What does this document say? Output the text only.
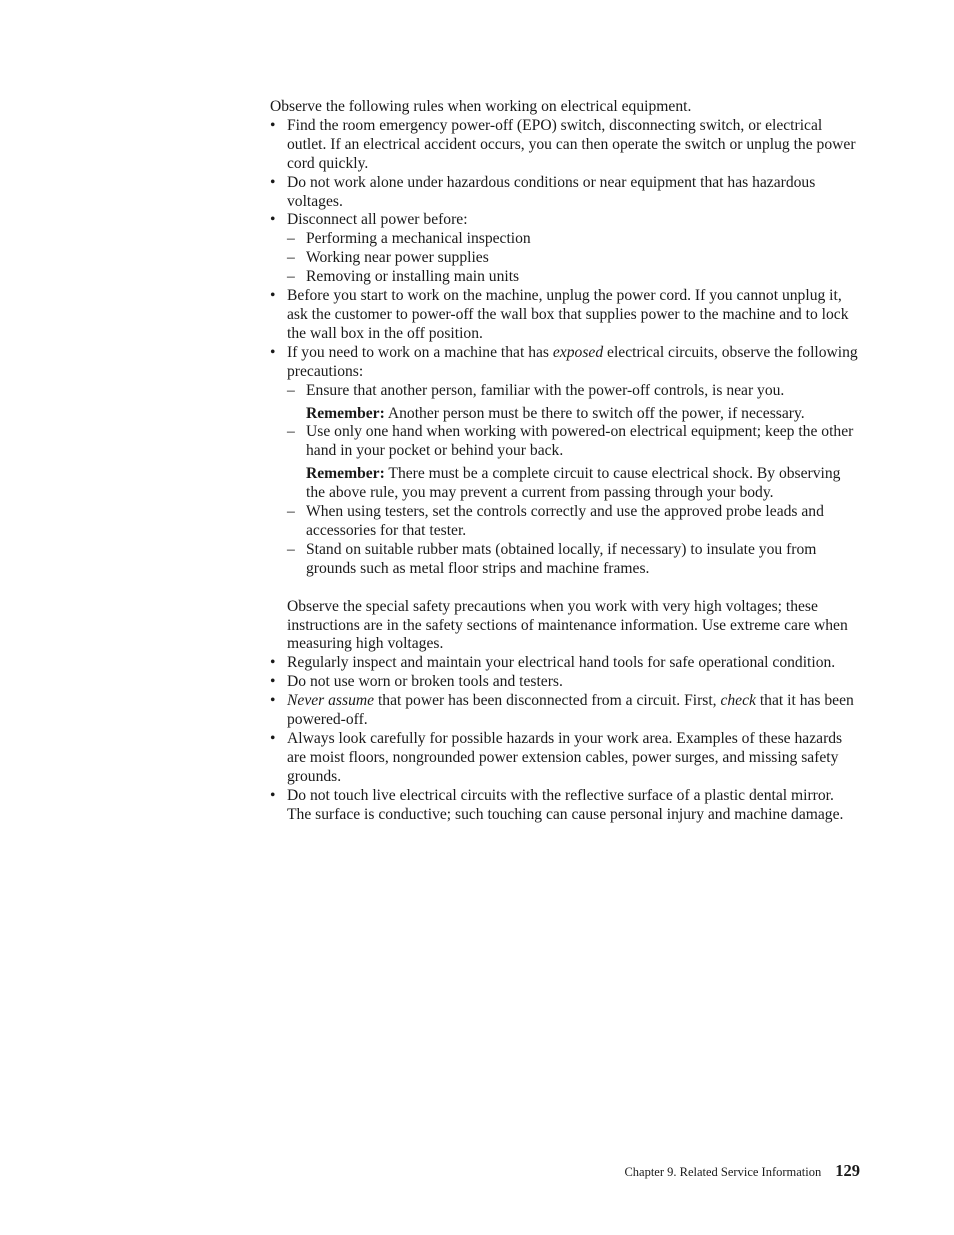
Observe the following rules when working on electrical equipment.

• Find the room emergency power-off (EPO) switch, disconnecting switch, or electrical outlet. If an electrical accident occurs, you can then operate the switch or unplug the power cord quickly.
• Do not work alone under hazardous conditions or near equipment that has hazardous voltages.
• Disconnect all power before:
– Performing a mechanical inspection
– Working near power supplies
– Removing or installing main units
• Before you start to work on the machine, unplug the power cord. If you cannot unplug it, ask the customer to power-off the wall box that supplies power to the machine and to lock the wall box in the off position.
• If you need to work on a machine that has exposed electrical circuits, observe the following precautions:
– Ensure that another person, familiar with the power-off controls, is near you.

Remember: Another person must be there to switch off the power, if necessary.

– Use only one hand when working with powered-on electrical equipment; keep the other hand in your pocket or behind your back.

Remember: There must be a complete circuit to cause electrical shock. By observing the above rule, you may prevent a current from passing through your body.

– When using testers, set the controls correctly and use the approved probe leads and accessories for that tester.
– Stand on suitable rubber mats (obtained locally, if necessary) to insulate you from grounds such as metal floor strips and machine frames.

Observe the special safety precautions when you work with very high voltages; these instructions are in the safety sections of maintenance information. Use extreme care when measuring high voltages.

• Regularly inspect and maintain your electrical hand tools for safe operational condition.
• Do not use worn or broken tools and testers.
• Never assume that power has been disconnected from a circuit. First, check that it has been powered-off.
• Always look carefully for possible hazards in your work area. Examples of these hazards are moist floors, nongrounded power extension cables, power surges, and missing safety grounds.
• Do not touch live electrical circuits with the reflective surface of a plastic dental mirror. The surface is conductive; such touching can cause personal injury and machine damage.
Chapter 9. Related Service Information 129
